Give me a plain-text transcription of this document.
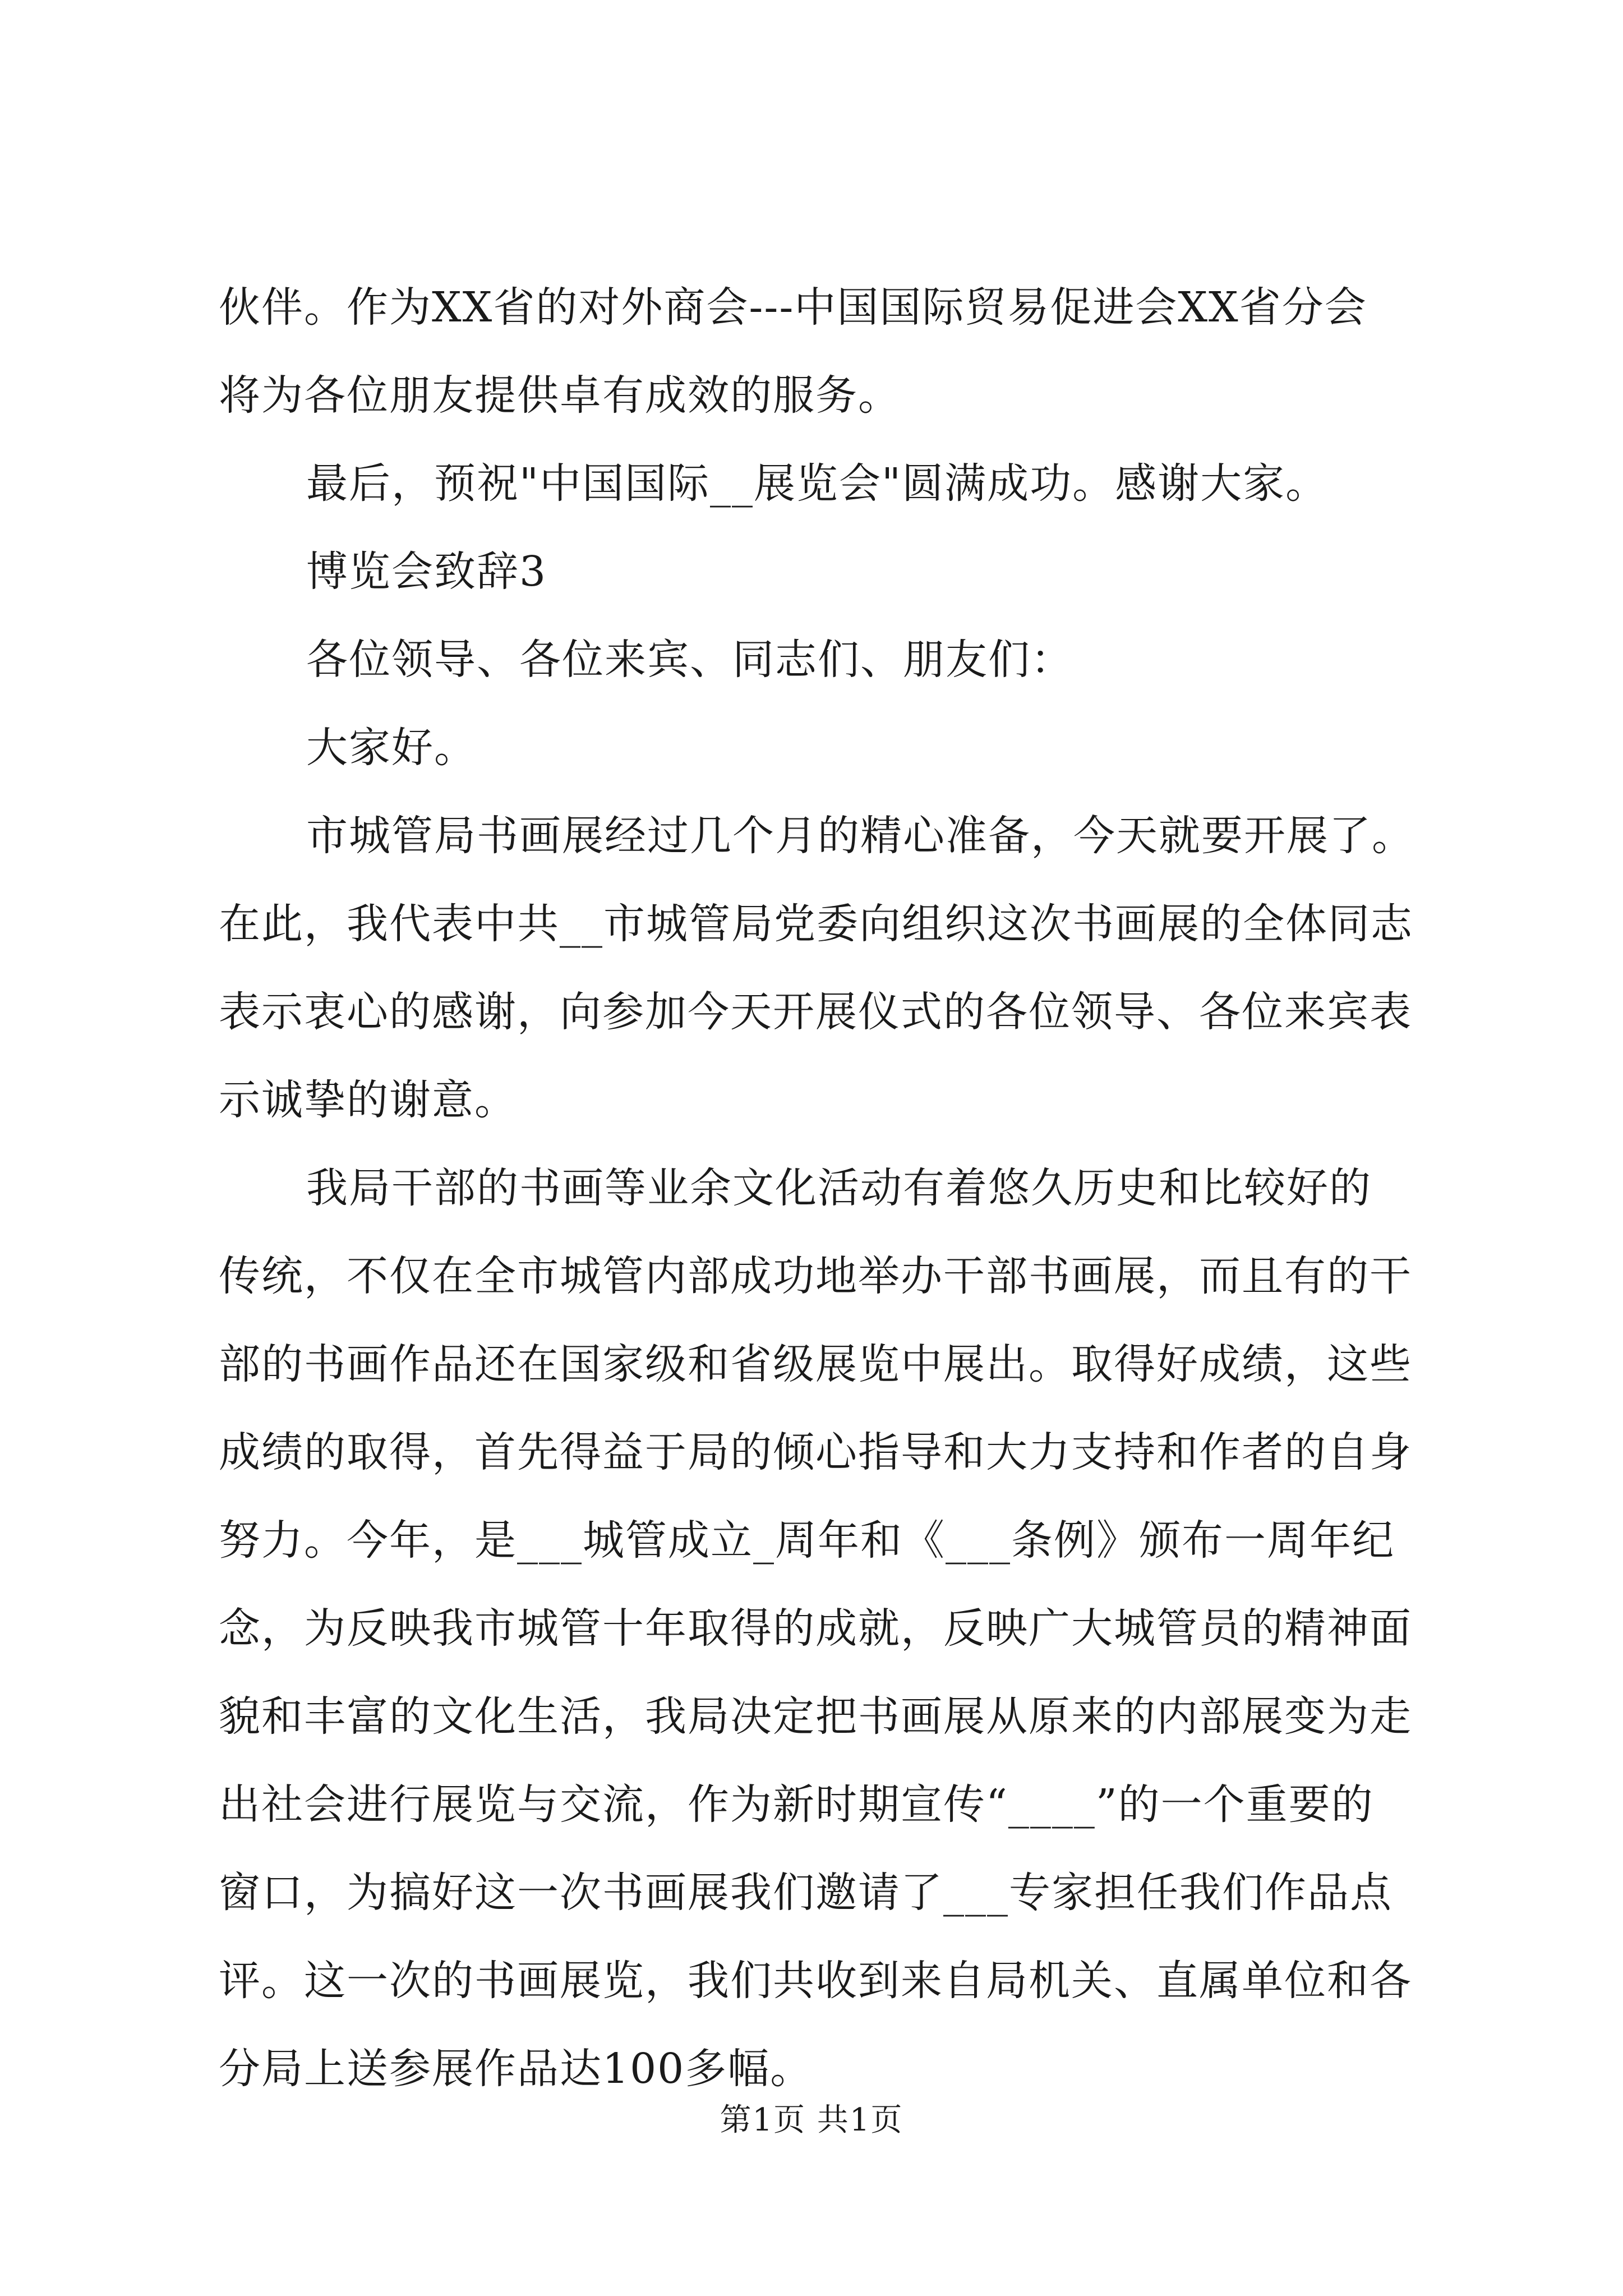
伙伴。作为XX省的对外商会---中国国际贸易促进会XX省分会
将为各位朋友提供卓有成效的服务。
最后，预祝"中国国际__展览会"圆满成功。感谢大家。
博览会致辞3
各位领导、各位来宾、同志们、朋友们：
大家好。
市城管局书画展经过几个月的精心准备，今天就要开展了。
在此，我代表中共__市城管局党委向组织这次书画展的全体同志
表示衷心的感谢，向参加今天开展仪式的各位领导、各位来宾表
示诚挚的谢意。
我局干部的书画等业余文化活动有着悠久历史和比较好的
传统，不仅在全市城管内部成功地举办干部书画展，而且有的干
部的书画作品还在国家级和省级展览中展出。取得好成绩，这些
成绩的取得，首先得益于局的倾心指导和大力支持和作者的自身
努力。今年，是___城管成立_周年和《___条例》颁布一周年纪
念，为反映我市城管十年取得的成就，反映广大城管员的精神面
貌和丰富的文化生活，我局决定把书画展从原来的内部展变为走
出社会进行展览与交流，作为新时期宣传“____”的一个重要的
窗口，为搞好这一次书画展我们邀请了___专家担任我们作品点
评。这一次的书画展览，我们共收到来自局机关、直属单位和各
分局上送参展作品达100多幅。
第1页 共1页
